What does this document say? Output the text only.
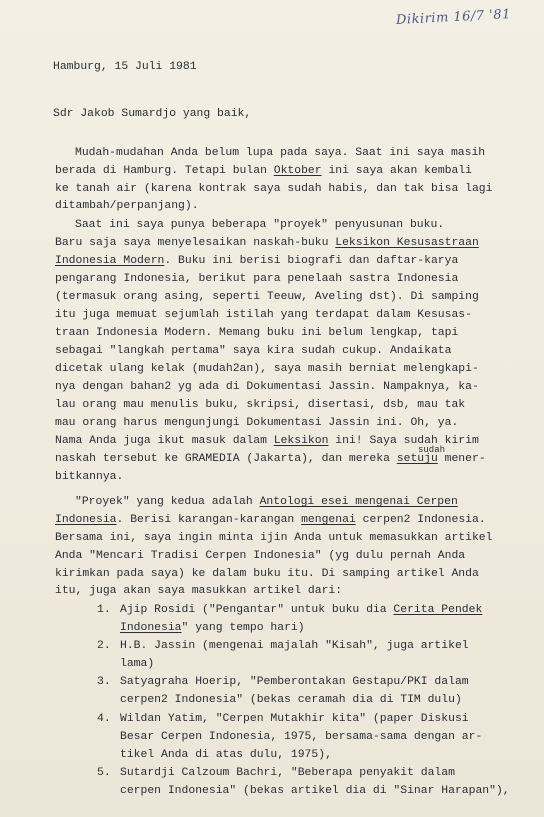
Dikirim 16/7 '81
Hamburg, 15 Juli 1981
Sdr Jakob Sumardjo yang baik,
Mudah-mudahan Anda belum lupa pada saya. Saat ini saya masih
berada di Hamburg. Tetapi bulan Oktober ini saya akan kembali
ke tanah air (karena kontrak saya sudah habis, dan tak bisa lagi
ditambah/perpanjang).
Saat ini saya punya beberapa "proyek" penyusunan buku.
Baru saja saya menyelesaikan naskah-buku Leksikon Kesusastraan
Indonesia Modern. Buku ini berisi biografi dan daftar-karya
pengarang Indonesia, berikut para penelaah sastra Indonesia
(termasuk orang asing, seperti Teeuw, Aveling dst). Di samping
itu juga memuat sejumlah istilah yang terdapat dalam Kesusas-
traan Indonesia Modern. Memang buku ini belum lengkap, tapi
sebagai "langkah pertama" saya kira sudah cukup. Andaikata
dicetak ulang kelak (mudah2an), saya masih berniat melengkapi-
nya dengan bahan2 yg ada di Dokumentasi Jassin. Nampaknya, ka-
lau orang mau menulis buku, skripsi, disertasi, dsb, mau tak
mau orang harus mengunjungi Dokumentasi Jassin ini. Oh, ya.
Nama Anda juga ikut masuk dalam Leksikon ini! Saya sudah kirim
sudah
naskah tersebut ke GRAMEDIA (Jakarta), dan mereka setuju mener-
bitkannya.
"Proyek" yang kedua adalah Antologi esei mengenai Cerpen
Indonesia. Berisi karangan-karangan mengenai cerpen2 Indonesia.
Bersama ini, saya ingin minta ijin Anda untuk memasukkan artikel
Anda "Mencari Tradisi Cerpen Indonesia" (yg dulu pernah Anda
kirimkan pada saya) ke dalam buku itu. Di samping artikel Anda
itu, juga akan saya masukkan artikel dari:
1. Ajip Rosidi ("Pengantar" untuk buku dia Cerita Pendek
Indonesia" yang tempo hari)
2. H.B. Jassin (mengenai majalah "Kisah", juga artikel
lama)
3. Satyagraha Hoerip, "Pemberontakan Gestapu/PKI dalam
cerpen2 Indonesia" (bekas ceramah dia di TIM dulu)
4. Wildan Yatim, "Cerpen Mutakhir kita" (paper Diskusi
Besar Cerpen Indonesia, 1975, bersama-sama dengan ar-
tikel Anda di atas dulu, 1975),
5. Sutardji Calzoum Bachri, "Beberapa penyakit dalam
cerpen Indonesia" (bekas artikel dia di "Sinar Harapan"),
